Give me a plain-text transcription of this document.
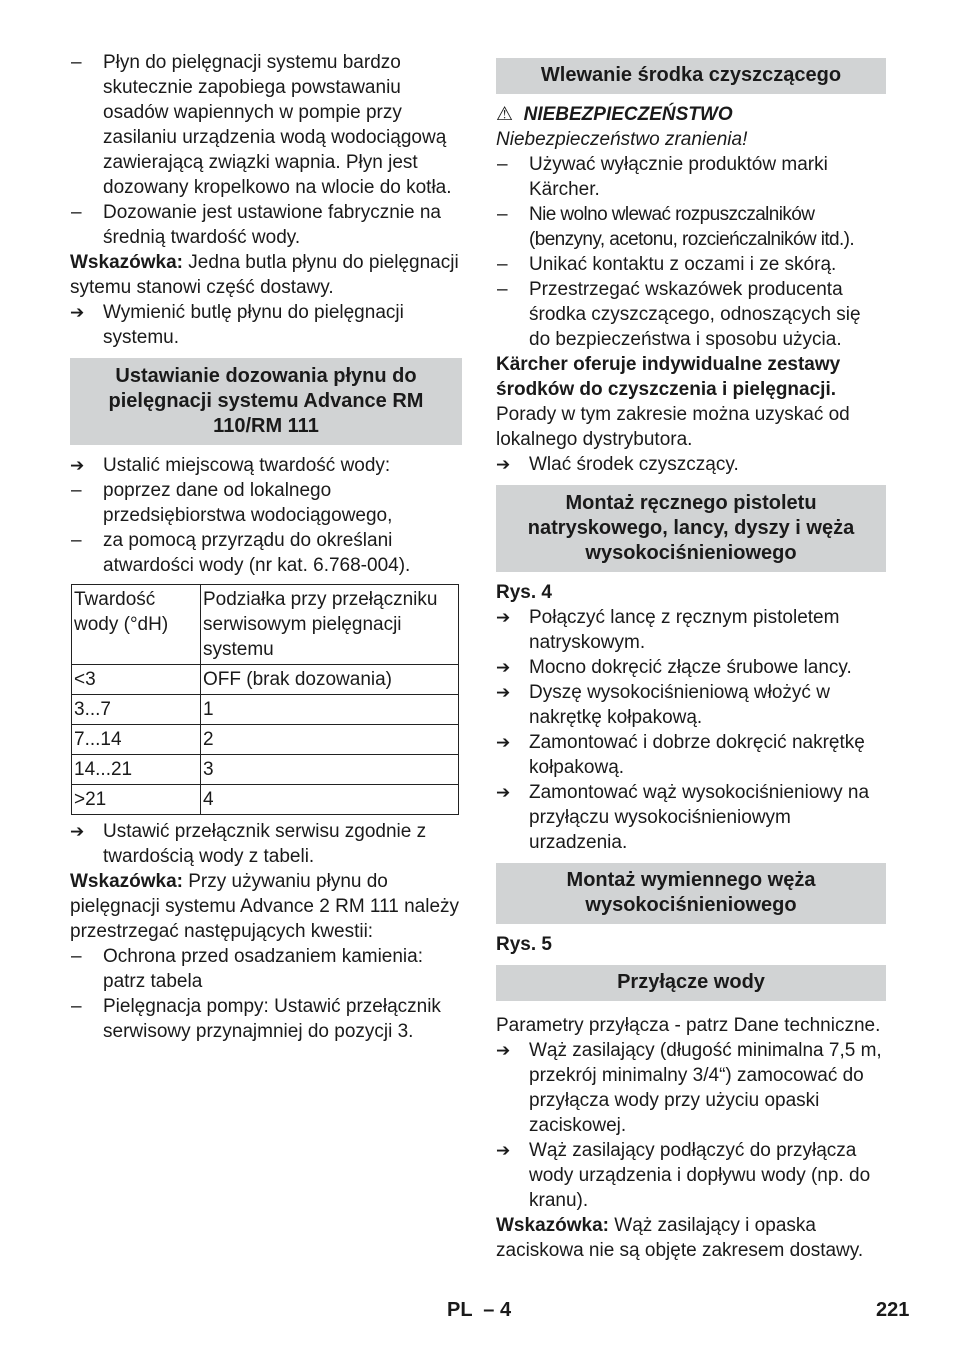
–	Płyn do pielęgnacji systemu bardzo skutecznie zapobiega powstawaniu osadów wapiennych w pompie przy zasilaniu urządzenia wodą wodociągową zawierającą związki wapnia. Płyn jest dozowany kropelkowo na wlocie do kotła.
–	Dozowanie jest ustawione fabrycznie na średnią twardość wody.

Wskazówka: Jedna butla płynu do pielęgnacji sytemu stanowi część dostawy.

➔ Wymienić butlę płynu do pielęgnacji systemu.
Ustawianie dozowania płynu do pielęgnacji systemu Advance RM 110/RM 111
➔ Ustalić miejscową twardość wody:
–	poprzez dane od lokalnego przedsiębiorstwa wodociągowego,
–	za pomocą przyrządu do określani atwardości wody (nr kat. 6.768-004).
Twardość wody (°dH)	Podziałka przy przełączniku serwisowym pielęgnacji systemu
<3	OFF (brak dozowania)
3...7	1
7...14	2
14...21	3
>21	4
➔ Ustawić przełącznik serwisu zgodnie z twardością wody z tabeli.

Wskazówka: Przy używaniu płynu do pielęgnacji systemu Advance 2 RM 111 należy przestrzegać następujących kwestii:

–	Ochrona przed osadzaniem kamienia: patrz tabela
–	Pielęgnacja pompy: Ustawić przełącznik serwisowy przynajmniej do pozycji 3.
Wlewanie środka czyszczącego

⚠ NIEBEZPIECZEŃSTWO

Niebezpieczeństwo zranienia!

–	Używać wyłącznie produktów marki Kärcher.
–	Nie wolno wlewać rozpuszczalników (benzyny, acetonu, rozcieńczalników itd.).
–	Unikać kontaktu z oczami i ze skórą.
–	Przestrzegać wskazówek producenta środka czyszczącego, odnoszących się do bezpieczeństwa i sposobu użycia.

Kärcher oferuje indywidualne zestawy środków do czyszczenia i pielęgnacji.

Porady w tym zakresie można uzyskać od lokalnego dystrybutora.

➔ Wlać środek czyszczący.
Montaż ręcznego pistoletu natryskowego, lancy, dyszy i węża wysokociśnieniowego

Rys. 4

➔ Połączyć lancę z ręcznym pistoletem natryskowym.
➔ Mocno dokręcić złącze śrubowe lancy.
➔ Dyszę wysokociśnieniową włożyć w nakrętkę kołpakową.
➔ Zamontować i dobrze dokręcić nakrętkę kołpakową.
➔ Zamontować wąż wysokociśnieniowy na przyłączu wysokociśnieniowym urzadzenia.
Montaż wymiennego węża wysokociśnieniowego

Rys. 5

Przyłącze wody

Parametry przyłącza - patrz Dane techniczne.

➔ Wąż zasilający (długość minimalna 7,5 m, przekrój minimalny 3/4“) zamocować do przyłącza wody przy użyciu opaski zaciskowej.
➔ Wąż zasilający podłączyć do przyłącza wody urządzenia i dopływu wody (np. do kranu).

Wskazówka: Wąż zasilający i opaska zaciskowa nie są objęte zakresem dostawy.

PL  – 4	221
